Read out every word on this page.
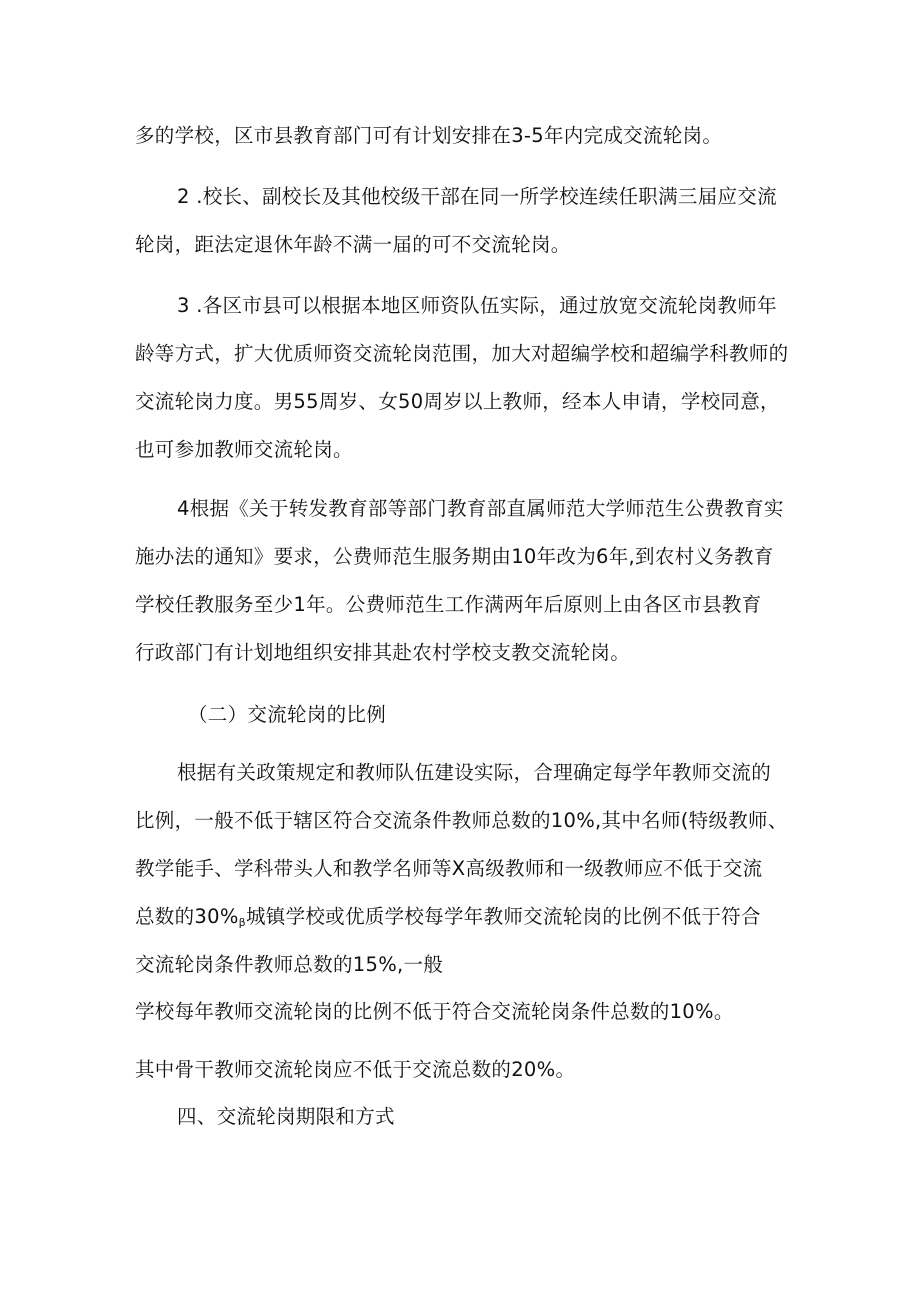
多的学校，区市县教育部门可有计划安排在3-5年内完成交流轮岗。
2 .校长、副校长及其他校级干部在同一所学校连续任职满三届应交流
轮岗，距法定退休年龄不满一届的可不交流轮岗。
3 .各区市县可以根据本地区师资队伍实际，通过放宽交流轮岗教师年
龄等方式，扩大优质师资交流轮岗范围，加大对超编学校和超编学科教师的
交流轮岗力度。男55周岁、女50周岁以上教师，经本人申请，学校同意，
也可参加教师交流轮岗。
4根据《关于转发教育部等部门教育部直属师范大学师范生公费教育实
施办法的通知》要求，公费师范生服务期由10年改为6年,到农村义务教育
学校任教服务至少1年。公费师范生工作满两年后原则上由各区市县教育
行政部门有计划地组织安排其赴农村学校支教交流轮岗。
（二）交流轮岗的比例
根据有关政策规定和教师队伍建设实际，合理确定每学年教师交流的
比例，一般不低于辖区符合交流条件教师总数的10%,其中名师(特级教师、
教学能手、学科带头人和教学名师等X高级教师和一级教师应不低于交流
总数的$30\%_\beta$城镇学校或优质学校每学年教师交流轮岗的比例不低于符合
交流轮岗条件教师总数的15%,一般
学校每年教师交流轮岗的比例不低于符合交流轮岗条件总数的10%。
其中骨干教师交流轮岗应不低于交流总数的20%。
四、交流轮岗期限和方式
